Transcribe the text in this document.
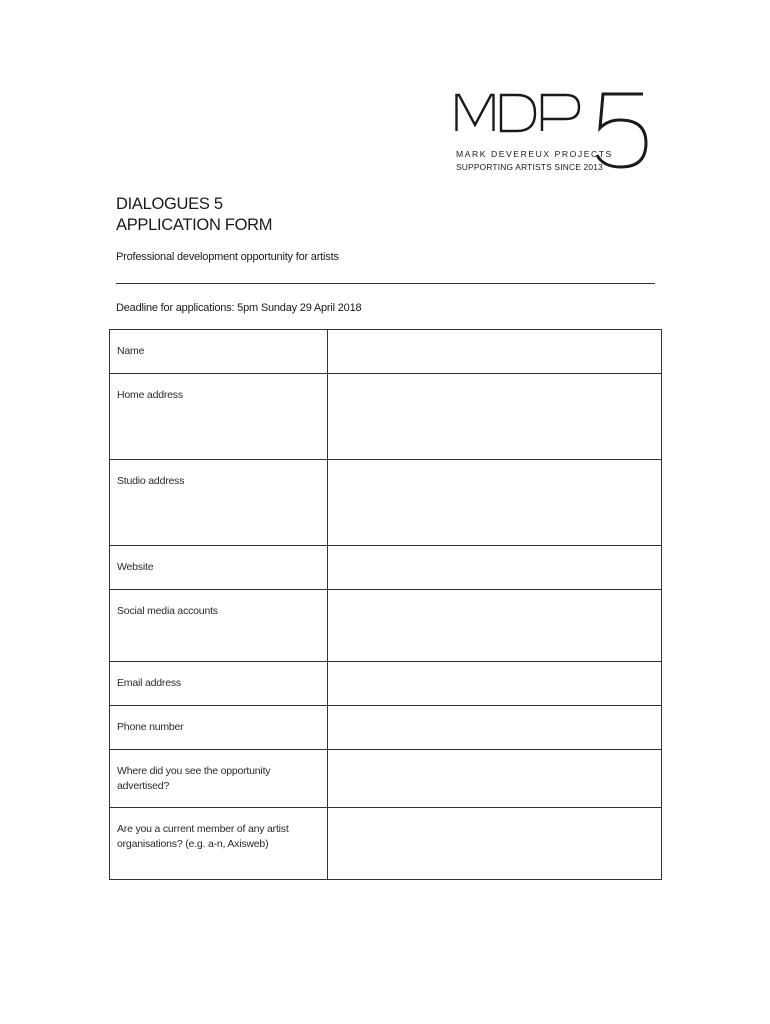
MARK DEVEREUX PROJECTS
SUPPORTING ARTISTS SINCE 2013
DIALOGUES 5
APPLICATION FORM
Professional development opportunity for artists
Deadline for applications: 5pm Sunday 29 April 2018
Name	

Home address	

Studio address	

Website	

Social media accounts	

Email address	

Phone number	

Where did you see the opportunity advertised?	

Are you a current member of any artist organisations? (e.g. a-n, Axisweb)	
